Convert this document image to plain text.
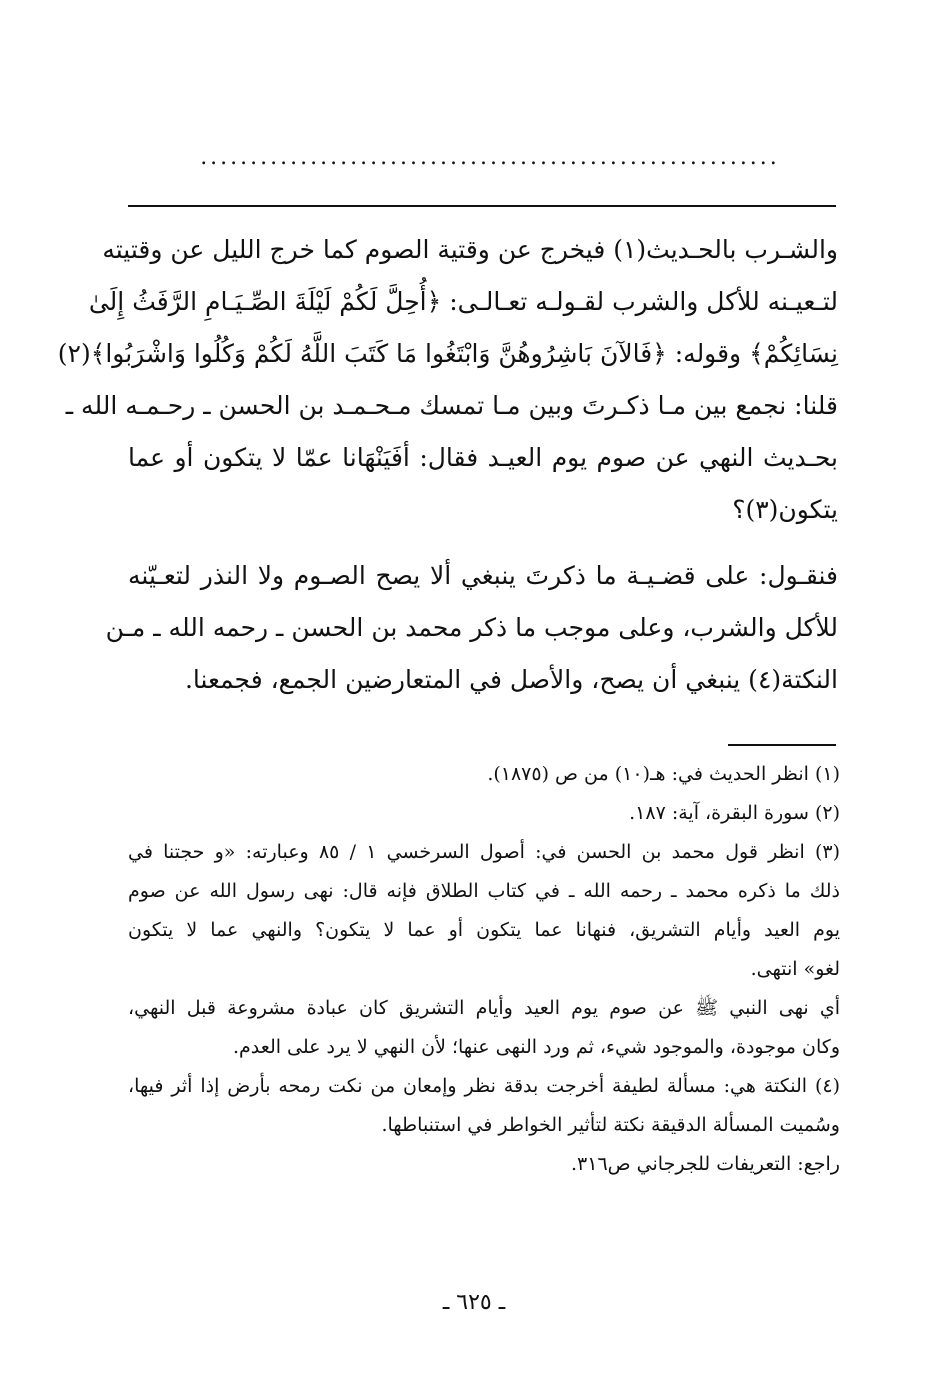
..........................................................
والشـرب بالحـديث(١) فيخرج عن وقتية الصوم كما خرج الليل عن وقتيته
لتـعيـنه للأكل والشرب لقـولـه تعـالـى: ﴿أُحِلَّ لَكُمْ لَيْلَةَ الصِّـيَـامِ الرَّفَثُ إِلَىٰ
نِسَائِكُمْ﴾ وقوله: ﴿فَالآنَ بَاشِرُوهُنَّ وَابْتَغُوا مَا كَتَبَ اللَّهُ لَكُمْ وَكُلُوا وَاشْرَبُوا﴾(٢)
قلنا: نجمع بين مـا ذكـرتَ وبين مـا تمسك مـحـمـد بن الحسن ـ رحـمـه الله ـ
بحـديث النهي عن صوم يوم العيـد فقال: أفَيَنْهَانا عمّا لا يتكون أو عما
يتكون(٣)؟
فنقـول: على قضـيـة ما ذكرتَ ينبغي ألا يصح الصـوم ولا النذر لتعـيّنه
للأكل والشرب، وعلى موجب ما ذكر محمد بن الحسن ـ رحمه الله ـ مـن
النكتة(٤) ينبغي أن يصح، والأصل في المتعارضين الجمع، فجمعنا.
(١) انظر الحديث في: هـ(١٠) من ص (١٨٧٥).
(٢) سورة البقرة، آية: ١٨٧.
(٣) انظر قول محمد بن الحسن في: أصول السرخسي ١ / ٨٥ وعبارته: «و حجتنا في
ذلك ما ذكره محمد ـ رحمه الله ـ في كتاب الطلاق فإنه قال: نهى رسول الله عن صوم
يوم العيد وأيام التشريق، فنهانا عما يتكون أو عما لا يتكون؟ والنهي عما لا يتكون
لغو» انتهى.
أي نهى النبي ﷺ عن صوم يوم العيد وأيام التشريق كان عبادة مشروعة قبل النهي،
وكان موجودة، والموجود شيء، ثم ورد النهى عنها؛ لأن النهي لا يرد على العدم.
(٤) النكتة هي: مسألة لطيفة أخرجت بدقة نظر وإمعان من نكت رمحه بأرض إذا أثر فيها،
وسُميت المسألة الدقيقة نكتة لتأثير الخواطر في استنباطها.
راجع: التعريفات للجرجاني ص٣١٦.
ـ ٦٢٥ ـ
